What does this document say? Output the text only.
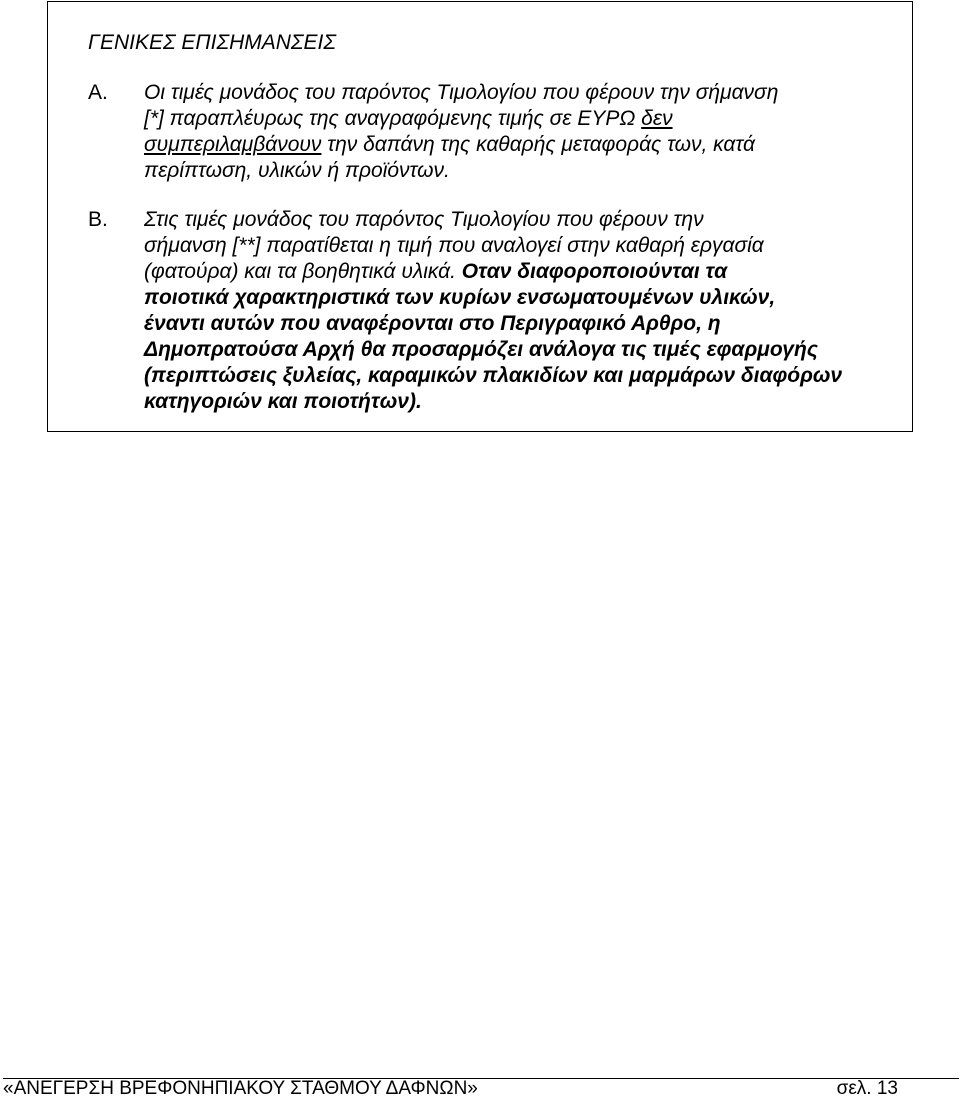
ΓΕΝΙΚΕΣ ΕΠΙΣΗΜΑΝΣΕΙΣ
A.	Οι τιμές μονάδος του παρόντος Τιμολογίου που φέρουν την σήμανση
[*] παραπλέυρως της αναγραφόμενης τιμής σε ΕΥΡΩ δεν
συμπεριλαμβάνουν την δαπάνη της καθαρής μεταφοράς των, κατά
περίπτωση, υλικών ή προϊόντων.
B.	Στις τιμές μονάδος του παρόντος Τιμολογίου που φέρουν την
σήμανση [**] παρατίθεται η τιμή που αναλογεί στην καθαρή εργασία
(φατούρα) και τα βοηθητικά υλικά. Οταν διαφοροποιούνται τα
ποιοτικά χαρακτηριστικά των κυρίων ενσωματουμένων υλικών,
έναντι αυτών που αναφέρονται στο Περιγραφικό Αρθρο, η
Δημοπρατούσα Αρχή θα προσαρμόζει ανάλογα τις τιμές εφαρμογής
(περιπτώσεις ξυλείας, καραμικών πλακιδίων και μαρμάρων διαφόρων
κατηγοριών και ποιοτήτων).
«ΑΝΕΓΕΡΣΗ ΒΡΕΦΟΝΗΠΙΑΚΟΥ ΣΤΑΘΜΟΥ ΔΑΦΝΩΝ»	σελ. 13
